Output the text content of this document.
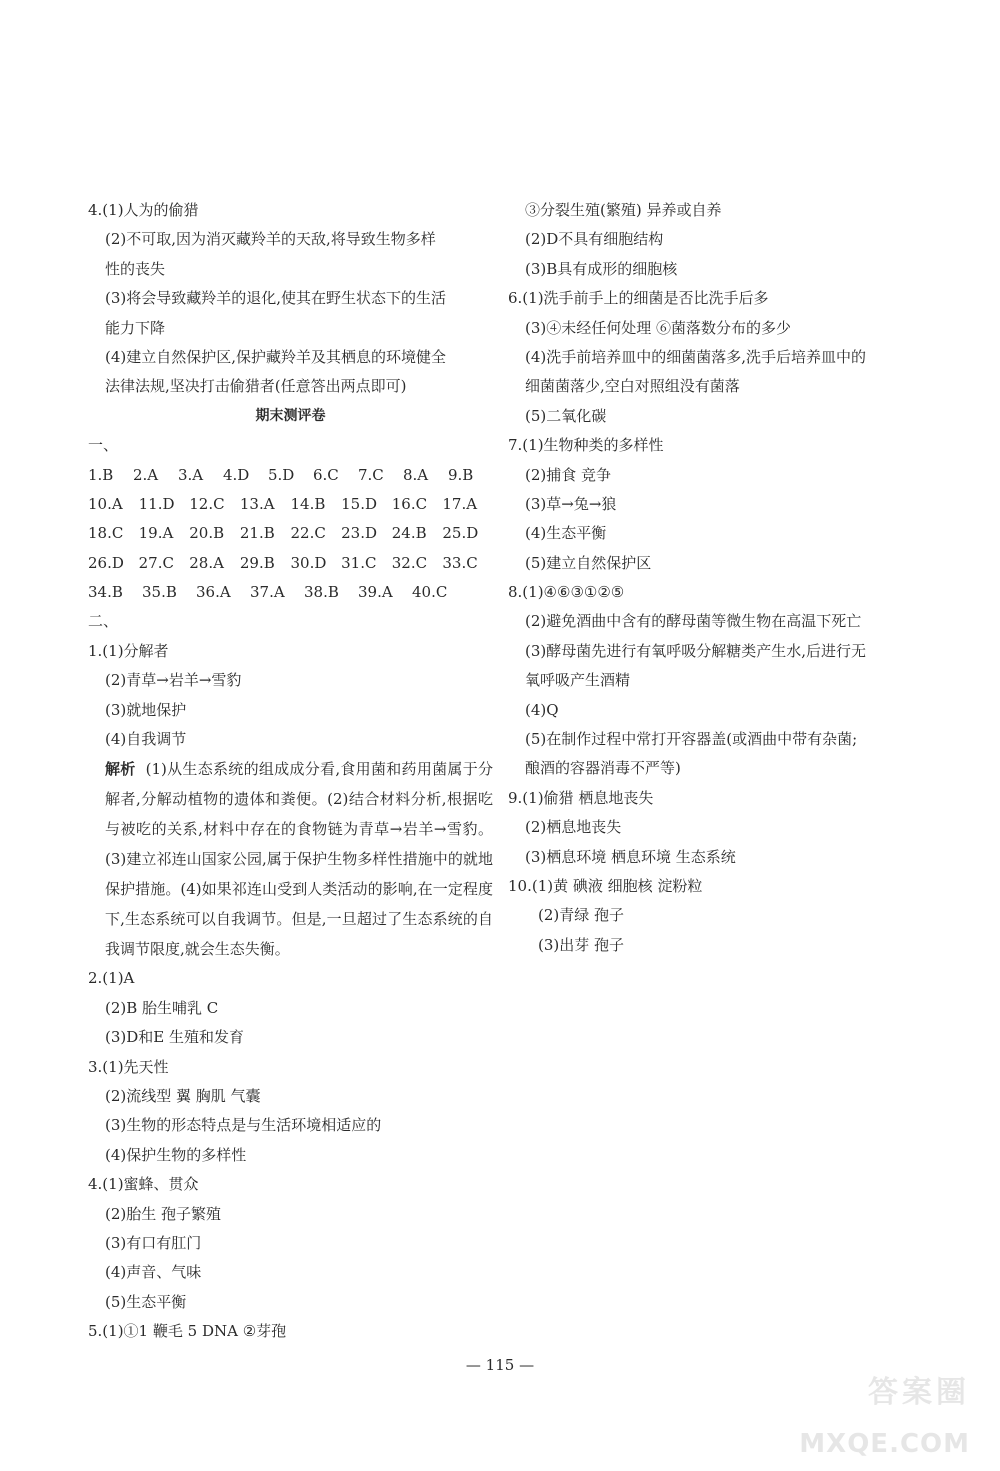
4.(1)人为的偷猎
(2)不可取,因为消灭藏羚羊的天敌,将导致生物多样
性的丧失
(3)将会导致藏羚羊的退化,使其在野生状态下的生活
能力下降
(4)建立自然保护区,保护藏羚羊及其栖息的环境健全
法律法规,坚决打击偷猎者(任意答出两点即可)
期末测评卷
一、
1.B	2.A	3.A	4.D	5.D	6.C	7.C	8.A	9.B
10.A	11.D 12.C	13.A	14.B	15.D 16.C	17.A
18.C	19.A	20.B	21.B	22.C	23.D 24.B	25.D
26.D 27.C	28.A	29.B	30.D 31.C	32.C	33.C
34.B	35.B	36.A	37.A	38.B	39.A	40.C
二、
1.(1)分解者
(2)青草→岩羊→雪豹
(3)就地保护
(4)自我调节
解析 (1)从生态系统的组成成分看,食用菌和药用菌属于分解者,分解动植物的遗体和粪便。(2)结合材料分析,根据吃与被吃的关系,材料中存在的食物链为青草→岩羊→雪豹。(3)建立祁连山国家公园,属于保护生物多样性措施中的就地保护措施。(4)如果祁连山受到人类活动的影响,在一定程度下,生态系统可以自我调节。但是,一旦超过了生态系统的自我调节限度,就会生态失衡。
2.(1)A
(2)B 胎生哺乳 C
(3)D和E 生殖和发育
3.(1)先天性
(2)流线型 翼 胸肌 气囊
(3)生物的形态特点是与生活环境相适应的
(4)保护生物的多样性
4.(1)蜜蜂、贯众
(2)胎生 孢子繁殖
(3)有口有肛门
(4)声音、气味
(5)生态平衡
5.(1)①1 鞭毛 5 DNA ②芽孢
③分裂生殖(繁殖) 异养或自养
(2)D不具有细胞结构
(3)B具有成形的细胞核
6.(1)洗手前手上的细菌是否比洗手后多
(3)④未经任何处理 ⑥菌落数分布的多少
(4)洗手前培养皿中的细菌菌落多,洗手后培养皿中的
细菌菌落少,空白对照组没有菌落
(5)二氧化碳
7.(1)生物种类的多样性
(2)捕食 竞争
(3)草→兔→狼
(4)生态平衡
(5)建立自然保护区
8.(1)④⑥③①②⑤
(2)避免酒曲中含有的酵母菌等微生物在高温下死亡
(3)酵母菌先进行有氧呼吸分解糖类产生水,后进行无
氧呼吸产生酒精
(4)Q
(5)在制作过程中常打开容器盖(或酒曲中带有杂菌;
酿酒的容器消毒不严等)
9.(1)偷猎 栖息地丧失
(2)栖息地丧失
(3)栖息环境 栖息环境 生态系统
10.(1)黄 碘液 细胞核 淀粉粒
(2)青绿 孢子
(3)出芽 孢子
— 115 —
答案圈
MXQE.COM
